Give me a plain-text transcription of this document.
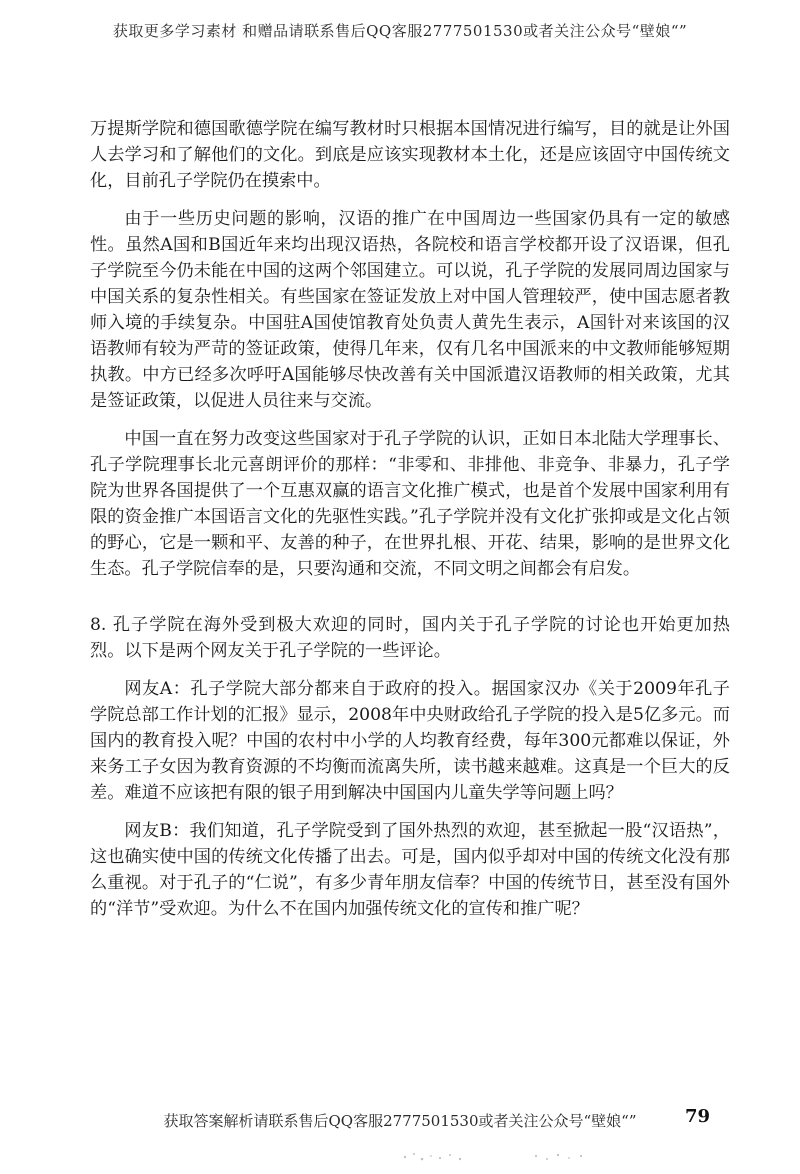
获取更多学习素材 和赠品请联系售后QQ客服2777501530或者关注公众号“壁娘“”

万提斯学院和德国歌德学院在编写教材时只根据本国情况进行编写，目的就是让外国人去学习和了解他们的文化。到底是应该实现教材本土化，还是应该固守中国传统文化，目前孔子学院仍在摸索中。

由于一些历史问题的影响，汉语的推广在中国周边一些国家仍具有一定的敏感性。虽然A国和B国近年来均出现汉语热，各院校和语言学校都开设了汉语课，但孔子学院至今仍未能在中国的这两个邻国建立。可以说，孔子学院的发展同周边国家与中国关系的复杂性相关。有些国家在签证发放上对中国人管理较严，使中国志愿者教师入境的手续复杂。中国驻A国使馆教育处负责人黄先生表示，A国针对来该国的汉语教师有较为严苛的签证政策，使得几年来，仅有几名中国派来的中文教师能够短期执教。中方已经多次呼吁A国能够尽快改善有关中国派遣汉语教师的相关政策，尤其是签证政策，以促进人员往来与交流。

中国一直在努力改变这些国家对于孔子学院的认识，正如日本北陆大学理事长、孔子学院理事长北元喜朗评价的那样：“非零和、非排他、非竞争、非暴力，孔子学院为世界各国提供了一个互惠双赢的语言文化推广模式，也是首个发展中国家利用有限的资金推广本国语言文化的先驱性实践。”孔子学院并没有文化扩张抑或是文化占领的野心，它是一颗和平、友善的种子，在世界扎根、开花、结果，影响的是世界文化生态。孔子学院信奉的是，只要沟通和交流，不同文明之间都会有启发。

8. 孔子学院在海外受到极大欢迎的同时，国内关于孔子学院的讨论也开始更加热烈。以下是两个网友关于孔子学院的一些评论。

网友A：孔子学院大部分都来自于政府的投入。据国家汉办《关于2009年孔子学院总部工作计划的汇报》显示，2008年中央财政给孔子学院的投入是5亿多元。而国内的教育投入呢？中国的农村中小学的人均教育经费，每年300元都难以保证，外来务工子女因为教育资源的不均衡而流离失所，读书越来越难。这真是一个巨大的反差。难道不应该把有限的银子用到解决中国国内儿童失学等问题上吗？

网友B：我们知道，孔子学院受到了国外热烈的欢迎，甚至掀起一股“汉语热”，这也确实使中国的传统文化传播了出去。可是，国内似乎却对中国的传统文化没有那么重视。对于孔子的“仁说”，有多少青年朋友信奉？中国的传统节日，甚至没有国外的“洋节”受欢迎。为什么不在国内加强传统文化的宣传和推广呢？

获取答案解析请联系售后QQ客服2777501530或者关注公众号“壁娘“”	79
